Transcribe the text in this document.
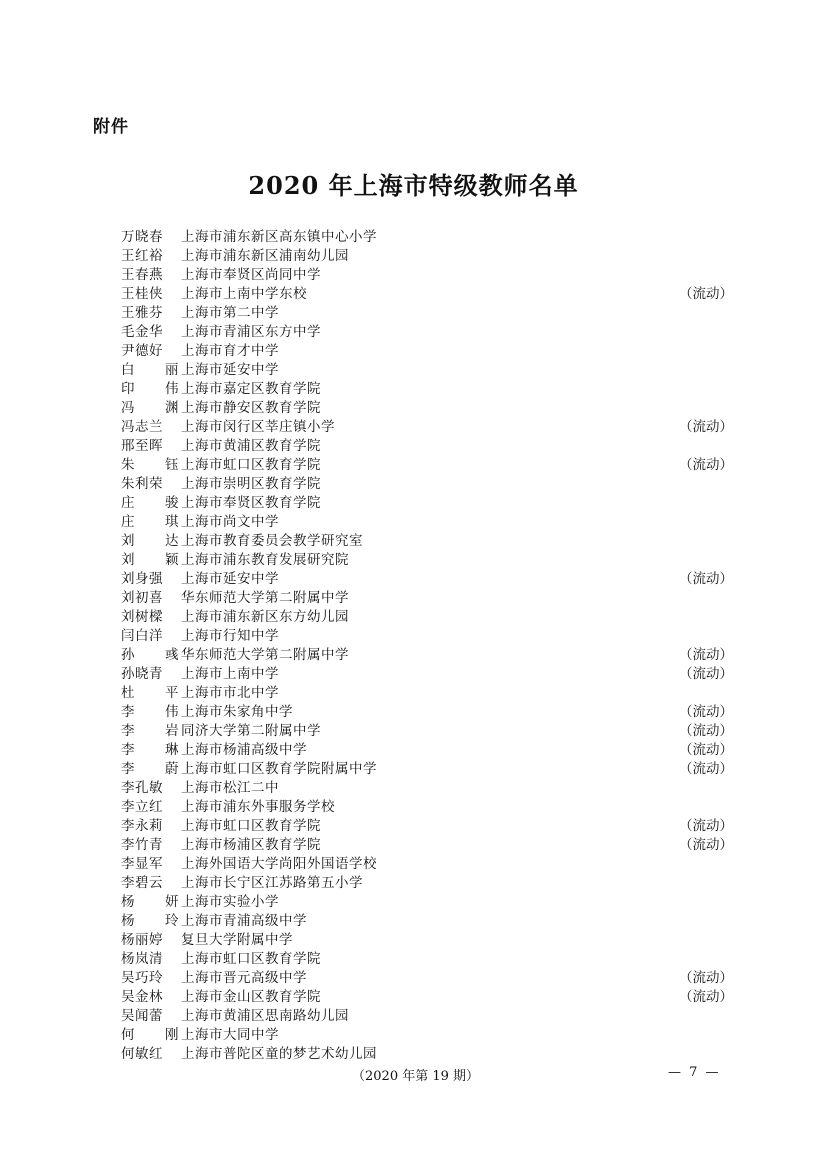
附件
2020 年上海市特级教师名单
万晓春	上海市浦东新区高东镇中心小学
王红裕	上海市浦东新区浦南幼儿园
王春燕	上海市奉贤区尚同中学
王桂侠	上海市上南中学东校	（流动）
王雅芬	上海市第二中学
毛金华	上海市青浦区东方中学
尹德好	上海市育才中学
白丽 上海市延安中学
印伟 上海市嘉定区教育学院
冯渊 上海市静安区教育学院
冯志兰	上海市闵行区莘庄镇小学	（流动）
邢至晖	上海市黄浦区教育学院
朱钰 上海市虹口区教育学院	（流动）
朱利荣	上海市崇明区教育学院
庄骏 上海市奉贤区教育学院
庄琪 上海市尚文中学
刘达 上海市教育委员会教学研究室
刘颖 上海市浦东教育发展研究院
刘身强	上海市延安中学	（流动）
刘初喜	华东师范大学第二附属中学
刘树樑	上海市浦东新区东方幼儿园
闫白洋	上海市行知中学
孙彧 华东师范大学第二附属中学	（流动）
孙晓青	上海市上南中学	（流动）
杜平 上海市市北中学
李伟 上海市朱家角中学	（流动）
李岩 同济大学第二附属中学	（流动）
李琳 上海市杨浦高级中学	（流动）
李蔚 上海市虹口区教育学院附属中学	（流动）
李孔敏	上海市松江二中
李立红	上海市浦东外事服务学校
李永莉	上海市虹口区教育学院	（流动）
李竹青	上海市杨浦区教育学院	（流动）
李显军	上海外国语大学尚阳外国语学校
李碧云	上海市长宁区江苏路第五小学
杨妍 上海市实验小学
杨玲 上海市青浦高级中学
杨丽婷	复旦大学附属中学
杨岚清	上海市虹口区教育学院
吴巧玲	上海市晋元高级中学	（流动）
吴金林	上海市金山区教育学院	（流动）
吴闻蕾	上海市黄浦区思南路幼儿园
何刚 上海市大同中学
何敏红	上海市普陀区童的梦艺术幼儿园
（2020 年第 19 期）	— 7 —
